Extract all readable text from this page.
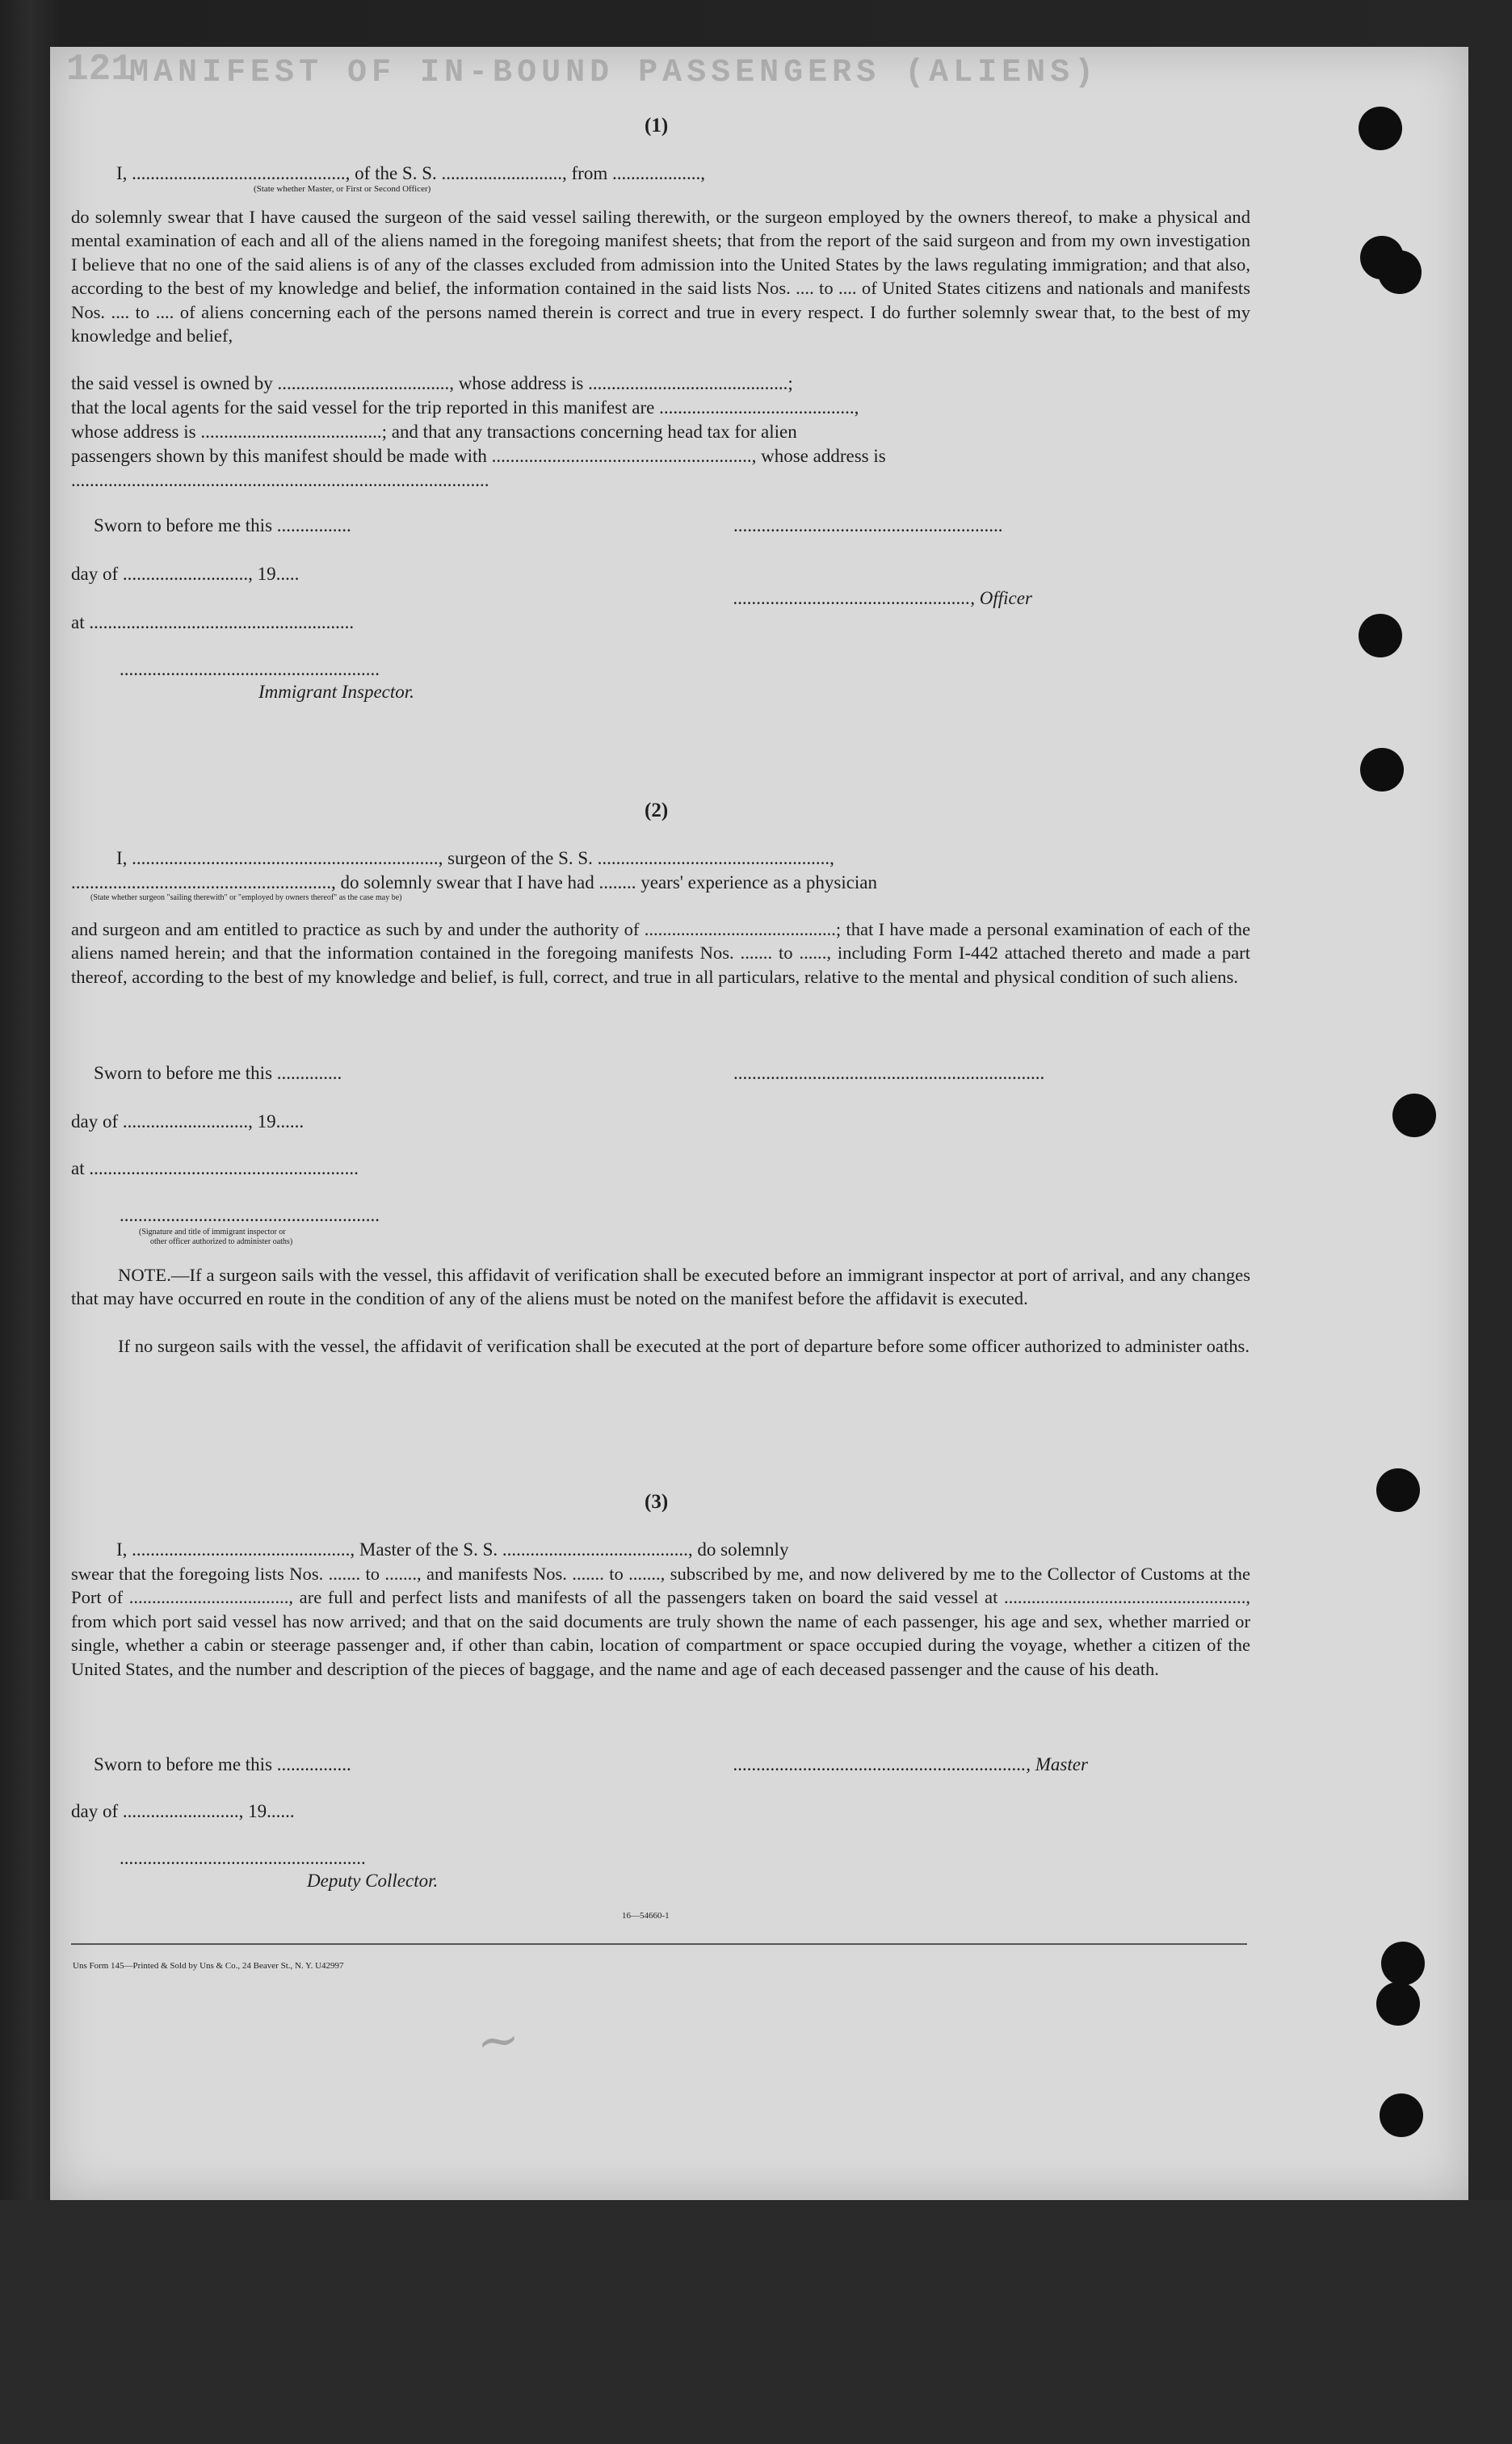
121
MANIFEST OF IN-BOUND PASSENGERS (ALIENS)
(1)
I, .............................................., of the S. S. .........................., from ...................,
(State whether Master, or First or Second Officer)
do solemnly swear that I have caused the surgeon of the said vessel sailing therewith, or the surgeon employed by the owners thereof, to make a physical and mental examination of each and all of the aliens named in the foregoing manifest sheets; that from the report of the said surgeon and from my own investigation I believe that no one of the said aliens is of any of the classes excluded from admission into the United States by the laws regulating immigration; and that also, according to the best of my knowledge and belief, the information contained in the said lists Nos. .... to .... of United States citizens and nationals and manifests Nos. .... to .... of aliens concerning each of the persons named therein is correct and true in every respect. I do further solemnly swear that, to the best of my knowledge and belief,
the said vessel is owned by ....................................., whose address is ...........................................;
that the local agents for the said vessel for the trip reported in this manifest are ..........................................,
whose address is .......................................; and that any transactions concerning head tax for alien
passengers shown by this manifest should be made with ........................................................, whose address is
..........................................................................................
Sworn to before me this ................	..........................................................
day of ..........................., 19.....
..................................................., Officer
at .........................................................
........................................................
Immigrant Inspector.
(2)
I, .................................................................., surgeon of the S. S. ..................................................,
........................................................, do solemnly swear that I have had ........ years' experience as a physician
(State whether surgeon "sailing therewith" or "employed by owners thereof" as the case may be)
and surgeon and am entitled to practice as such by and under the authority of ..........................................; that I have made a personal examination of each of the aliens named herein; and that the information contained in the foregoing manifests Nos. ....... to ......, including Form I-442 attached thereto and made a part thereof, according to the best of my knowledge and belief, is full, correct, and true in all particulars, relative to the mental and physical condition of such aliens.
Sworn to before me this ..............	...................................................................
day of ..........................., 19......
at ..........................................................
........................................................
(Signature and title of immigrant inspector or
other officer authorized to administer oaths)
NOTE.—If a surgeon sails with the vessel, this affidavit of verification shall be executed before an immigrant inspector at port of arrival, and any changes that may have occurred en route in the condition of any of the aliens must be noted on the manifest before the affidavit is executed.
If no surgeon sails with the vessel, the affidavit of verification shall be executed at the port of departure before some officer authorized to administer oaths.
(3)
I, ..............................................., Master of the S. S. ........................................, do solemnly
swear that the foregoing lists Nos. ....... to ......., and manifests Nos. ....... to ......., subscribed by me, and now delivered by me to the Collector of Customs at the Port of ..................................., are full and perfect lists and manifests of all the passengers taken on board the said vessel at ....................................................., from which port said vessel has now arrived; and that on the said documents are truly shown the name of each passenger, his age and sex, whether married or single, whether a cabin or steerage passenger and, if other than cabin, location of compartment or space occupied during the voyage, whether a citizen of the United States, and the number and description of the pieces of baggage, and the name and age of each deceased passenger and the cause of his death.
Sworn to before me this ................	..............................................................., Master
day of ........................., 19......
.....................................................
Deputy Collector.
16—54660-1
Uns Form 145—Printed & Sold by Uns & Co., 24 Beaver St., N. Y. U42997
~
